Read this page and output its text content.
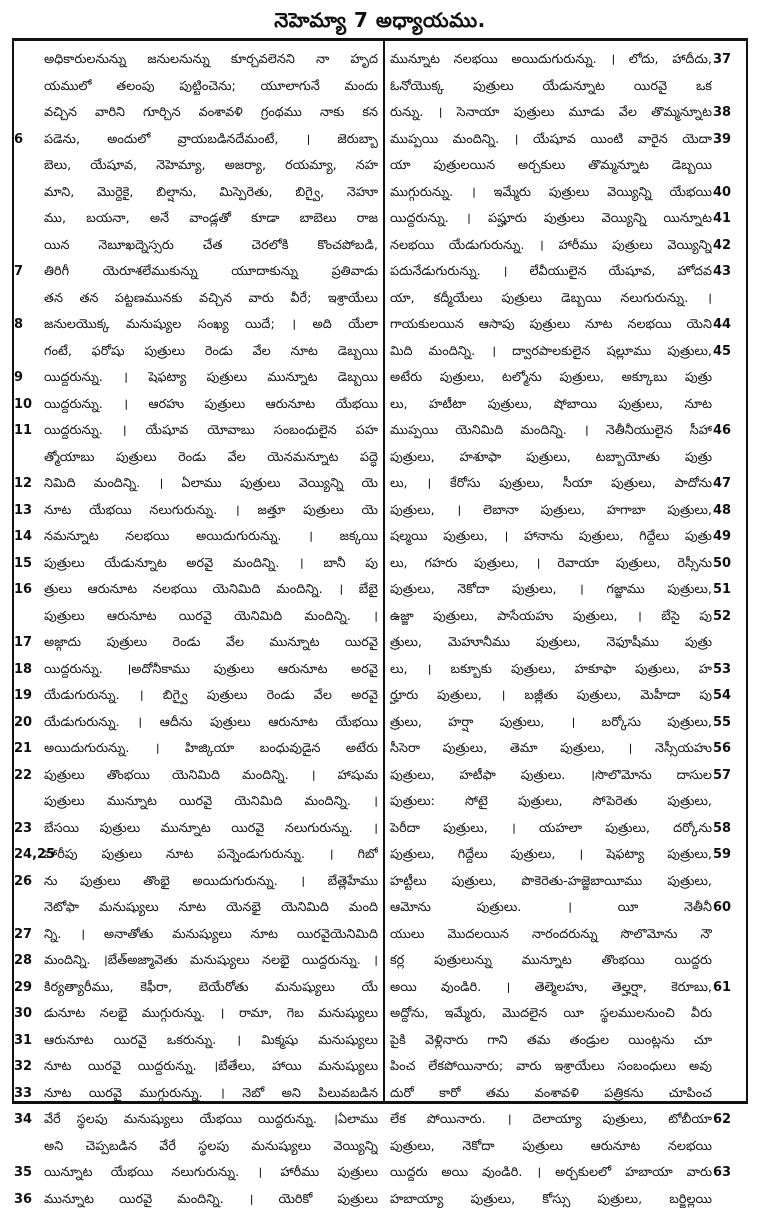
నెహెమ్యా 7 అధ్యాయము.
అధికారులనున్ను జనులనున్ను కూర్చవలెనని నా హృద
యములో తలంపు పుట్టించెను; యూలాగునే మందు
వచ్చిన వారిని గూర్చిన వంశావళి గ్రంథము నాకు కన
పడెను, అందులో వ్రాయబడినదేమంటే, । జెరుబ్బా
బెలు, యేషూవ, నెహెమ్యా, అజర్యా, రయమ్యా, నహ
మాని, మొర్దెకై, బిల్షాను, మిస్పెరెతు, బిగ్వై, నెహూ
ము, బయనా, అనే వాండ్లతో కూడా బాబెలు రాజ
యిన నెబూఖద్నెస్సరు చేత చెరలోకి కొంచపోబడి,
తిరిగీ యెరూశలేముకున్ను యూదాకున్ను ప్రతివాడు
తన తన పట్టణమునకు వచ్చిన వారు వీరే; ఇశ్రాయేలు
జనులయొక్క మనుష్యుల సంఖ్య యిదే; । అది యేలా
గంటే, ఫరోషు పుత్రులు రెండు వేల నూట డెబ్బయి
యిద్దరున్ను. । షెఫట్యా పుత్రులు మున్నూట డెబ్బయి
యిద్దరున్ను. । ఆరహు పుత్రులు ఆరునూట యేభయి
యిద్దరున్ను. । యేషూవ యోవాబు సంబంధులైన పహ
త్మోయాబు పుత్రులు రెండు వేల యెనమన్నూట పద్ధె
నిమిది మందిన్ని. । ఏలాము పుత్రులు వెయ్యిన్ని యె
నూట యేభయి నలుగురున్ను. । జత్తూ పుత్రులు యె
నమన్నూట నలభయి అయిదుగురున్ను. । జక్కయి
పుత్రులు యేడున్నూట అరవై మందిన్ని. । బానీ పు
త్రులు ఆరునూట నలభయి యెనిమిది మందిన్ని. । బేబై
పుత్రులు ఆరునూట యిరవై యెనిమిది మందిన్ని. ।
అజ్గాదు పుత్రులు రెండు వేల మున్నూట యిరవై
యిద్దరున్ను. ।అదోనీకాము పుత్రులు ఆరునూట అరవై
యేడుగురున్ను. । బిగ్వై పుత్రులు రెండు వేల అరవై
యేడుగురున్ను. । ఆదీను పుత్రులు ఆరునూట యేభయి
అయిదుగురున్ను. । హిజ్కియా బంధువుడైన అటేరు
పుత్రులు తొంభయి యెనిమిది మందిన్ని. । హాషుమ
పుత్రులు మున్నూట యిరవై యెనిమిది మందిన్ని. ।
బేసయి పుత్రులు మున్నూట యిరవై నలుగురున్ను. ।
హారీపు పుత్రులు నూట పన్నెండుగురున్ను. । గిబో
ను పుత్రులు తొంభై అయిదుగురున్ను. । బేత్లెహేము
నెటోఫా మనుష్యులు నూట యెనభై యెనిమిది మంది
న్ని. । అనాతోతు మనుష్యులు నూట యిరవైయెనిమిది
మందిన్ని. ।బేత్అజ్మావెతు మనుష్యులు నలభై యిద్దరున్ను. ।
కిర్యత్యారీము, కెఫీరా, బెయేరోతు మనుష్యులు యే
డునూట నలభై ముగ్గురున్ను. । రామా, గెబ మనుష్యులు
ఆరునూట యిరవై ఒకరున్ను. । మిక్మషు మనుష్యులు
నూట యిరవై యిద్దరున్ను. ।బేతేలు, హాయి మనుష్యులు
నూట యిరవై ముగ్గురున్ను. । నెబో అని పిలువబడిన
వేరే స్థలపు మనుష్యులు యేభయి యిద్దరున్ను. ।ఏలాము
అని చెప్పబడిన వేరే స్థలపు మనుష్యులు వెయ్యిన్ని
యిన్నూట యేభయి నలుగురున్ను. । హారీము పుత్రులు
మున్నూట యిరవై మందిన్ని. । యెరికో పుత్రులు
మున్నూట నలభయి అయిదుగురున్ను. । లోదు, హాదీదు,
ఓనోయొక్క పుత్రులు యేడున్నూట యిరవై ఒక
రున్ను. । సెనాయా పుత్రులు మూడు వేల తొమ్మన్నూట
ముప్పయి మందిన్ని. । యేషూవ యింటి వారైన యెదా
యా పుత్రులయిన అర్చకులు తొమ్మన్నూట డెబ్బయి
ముగ్గురున్ను. । ఇమ్మేరు పుత్రులు వెయ్యిన్ని యేభయి
యిద్దరున్ను. । పష్హూరు పుత్రులు వెయ్యిన్ని యిన్నూట
నలభయి యేడుగురున్ను. । హారీము పుత్రులు వెయ్యిన్ని
పదునేడుగురున్ను. । లేవీయులైన యేషూవ, హోదవ
యా, కద్మీయేలు పుత్రులు డెబ్బయి నలుగురున్ను. ।
గాయకులయిన ఆసాపు పుత్రులు నూట నలభయి యెని
మిది మందిన్ని. । ద్వారపాలకులైన షల్లూము పుత్రులు,
అటేరు పుత్రులు, టల్మోను పుత్రులు, అక్కూబు పుత్రు
లు, హటీటా పుత్రులు, షోబాయి పుత్రులు, నూట
ముప్పయి యెనిమిది మందిన్ని. । నెతీనీయులైన సీహా
పుత్రులు, హశూఫా పుత్రులు, టబ్బాయోతు పుత్రు
లు, । కేరోసు పుత్రులు, సీయా పుత్రులు, పాదోను
పుత్రులు, । లెబానా పుత్రులు, హగాబా పుత్రులు,
షల్మయి పుత్రులు, । హానాను పుత్రులు, గిద్దేలు పుత్రు
లు, గహరు పుత్రులు, । రెవాయా పుత్రులు, రెస్సీను
పుత్రులు, నెకోదా పుత్రులు, । గజ్జాము పుత్రులు,
ఉజ్జా పుత్రులు, పాసేయహు పుత్రులు, । బేసై పు
త్రులు, మెహూనీము పుత్రులు, నెఫూషీము పుత్రు
లు, । బక్బూకు పుత్రులు, హకూఫా పుత్రులు, హ
ర్హూరు పుత్రులు, । బజ్లీతు పుత్రులు, మెహీదా పు
త్రులు, హర్షా పుత్రులు, । బర్కోసు పుత్రులు,
సీసెరా పుత్రులు, తెమా పుత్రులు, । నెస్సీయహు
పుత్రులు, హటీఫా పుత్రులు. ।సొలొమోను దాసుల
పుత్రులు: సోటై పుత్రులు, సోపెరెతు పుత్రులు,
పెరీదా పుత్రులు, । యహలా పుత్రులు, దర్కోను
పుత్రులు, గిద్దేలు పుత్రులు, । షెఫట్యా పుత్రులు,
హట్టీలు పుత్రులు, పొకెరెతు-హజ్జెబాయీము పుత్రులు,
ఆమోను పుత్రులు. । యీ నెతీనీ
యులు మొదలయిన నారందరున్ను సొలొమోను నౌ
కర్ల పుత్రులున్ను మున్నూట తొంభయి యిద్దరు
అయి వుండిరి. । తెల్మెలహు, తెల్హర్షా, కెరూబు,
అద్దోను, ఇమ్మేరు, మొదలైన యీ స్థలములనుంచి వీరు
పైకి వెళ్లినారు గాని తమ తండ్రుల యింట్లను చూ
పించ లేకపోయినారు; వారు ఇశ్రాయేలు సంబంధులు అవు
దురో కారో తమ వంశావళి పత్రికను చూపించ
లేక పోయినారు. । దెలాయ్యా పుత్రులు, టోబీయా
పుత్రులు, నెకోదా పుత్రులు ఆరునూట నలభయి
యిద్దరు అయి వుండిరి. । అర్చకులలో హబాయా వారు
హబాయ్యా పుత్రులు, కోస్సు పుత్రులు, బర్జిల్లయి
6
7
8
9
10
11
12
13
14
15
16
17
18
19
20
21
22
23
24,25
26
27
28
29
30
31
32
33
34
35
36
37
38
39
40
41
42
43
44
45
46
47
48
49
50
51
52
53
54
55
56
57
58
59
60
61
62
63
